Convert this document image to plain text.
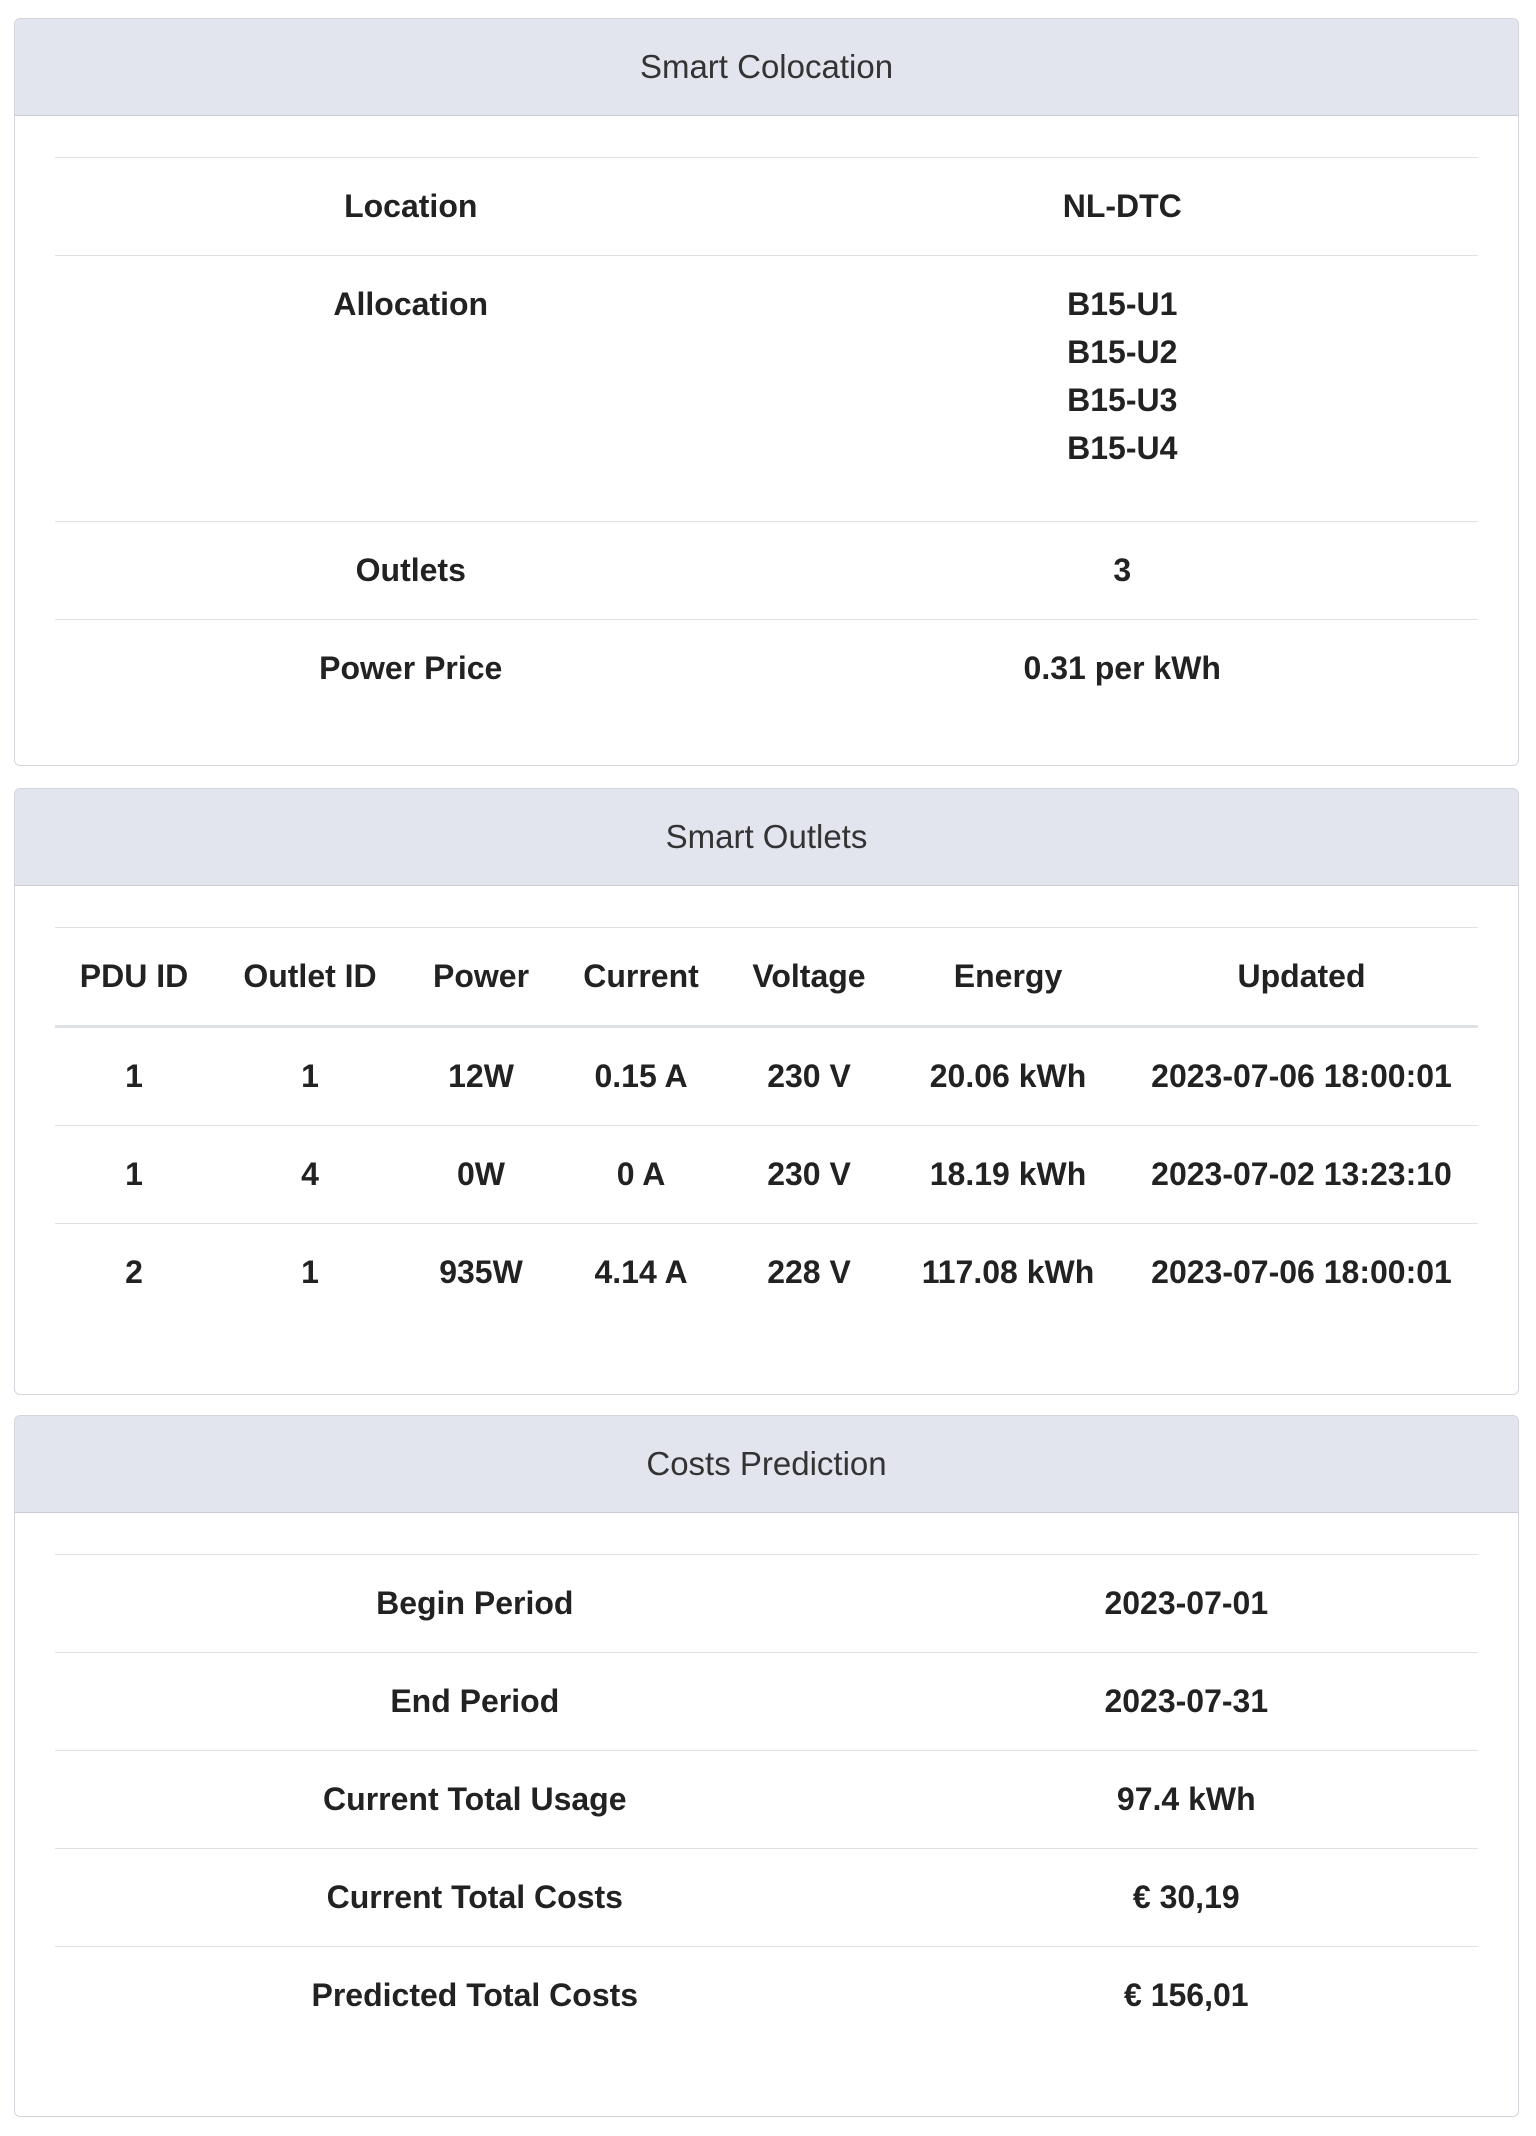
Smart Colocation
Location	NL-DTC

Allocation	B15-U1
B15-U2
B15-U3
B15-U4

Outlets	3
Power Price	0.31 per kWh
Smart Outlets
PDU ID	Outlet ID	Power	Current	Voltage	Energy	Updated
1	1	12W	0.15 A	230 V	20.06 kWh	2023-07-06 18:00:01
1	4	0W	0 A	230 V	18.19 kWh	2023-07-02 13:23:10
2	1	935W	4.14 A	228 V	117.08 kWh	2023-07-06 18:00:01
Costs Prediction
Begin Period	2023-07-01
End Period	2023-07-31
Current Total Usage	97.4 kWh
Current Total Costs	€ 30,19
Predicted Total Costs	€ 156,01
